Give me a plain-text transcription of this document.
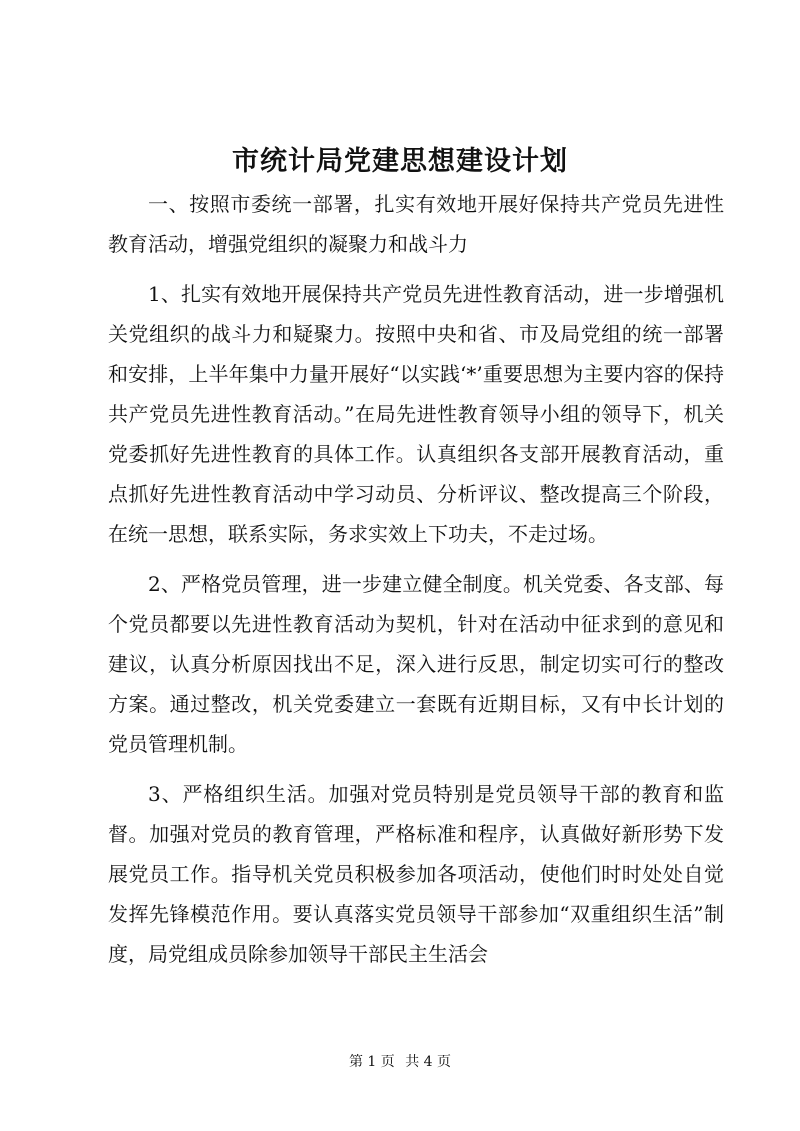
市统计局党建思想建设计划

一、按照市委统一部署，扎实有效地开展好保持共产党员先进性教育活动，增强党组织的凝聚力和战斗力

1、扎实有效地开展保持共产党员先进性教育活动，进一步增强机关党组织的战斗力和疑聚力。按照中央和省、市及局党组的统一部署和安排，上半年集中力量开展好“以实践‘*’重要思想为主要内容的保持共产党员先进性教育活动。”在局先进性教育领导小组的领导下，机关党委抓好先进性教育的具体工作。认真组织各支部开展教育活动，重点抓好先进性教育活动中学习动员、分析评议、整改提高三个阶段，在统一思想，联系实际，务求实效上下功夫，不走过场。

2、严格党员管理，进一步建立健全制度。机关党委、各支部、每个党员都要以先进性教育活动为契机，针对在活动中征求到的意见和建议，认真分析原因找出不足，深入进行反思，制定切实可行的整改方案。通过整改，机关党委建立一套既有近期目标，又有中长计划的党员管理机制。

3、严格组织生活。加强对党员特别是党员领导干部的教育和监督。加强对党员的教育管理，严格标准和程序，认真做好新形势下发展党员工作。指导机关党员积极参加各项活动，使他们时时处处自觉发挥先锋模范作用。要认真落实党员领导干部参加“双重组织生活”制度，局党组成员除参加领导干部民主生活会

第 1 页 共 4 页
